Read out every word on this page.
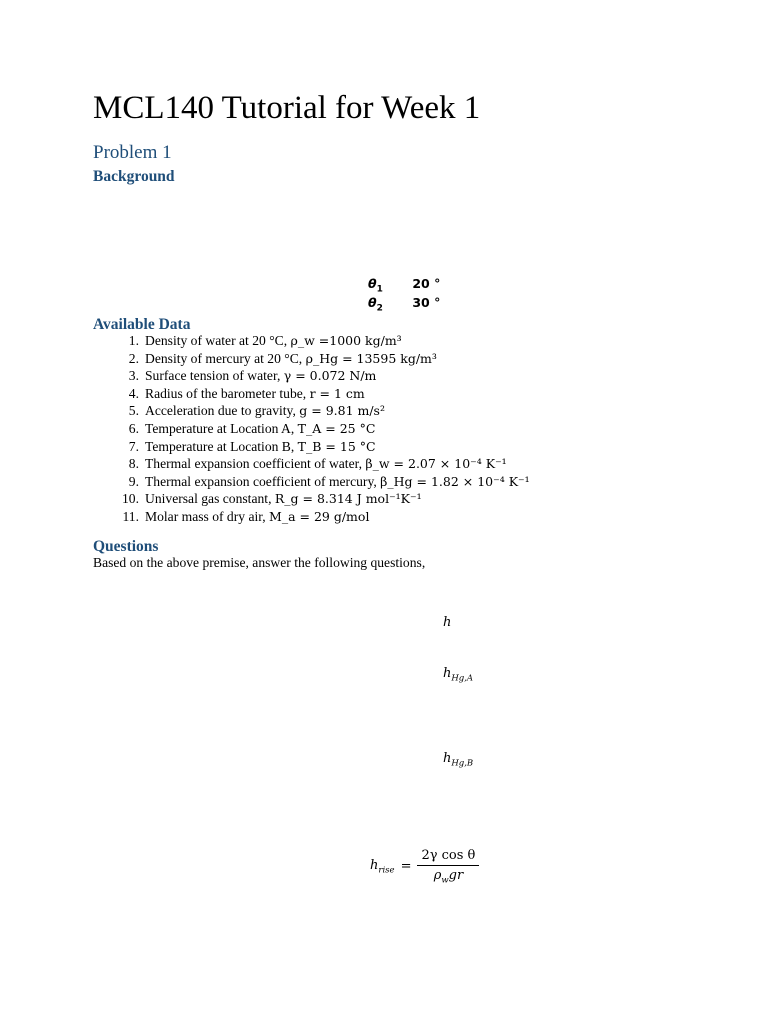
MCL140 Tutorial for Week 1
Problem 1
Background
$\theta_1$ 20 °
$\theta_2$ 30 °
Available Data
1. Density of water at 20 °C, ρ_w =1000 kg/m³
2. Density of mercury at 20 °C, ρ_Hg = 13595 kg/m³
3. Surface tension of water, γ = 0.072 N/m
4. Radius of the barometer tube, r = 1 cm
5. Acceleration due to gravity, g = 9.81 m/s²
6. Temperature at Location A, T_A = 25 °C
7. Temperature at Location B, T_B = 15 °C
8. Thermal expansion coefficient of water, β_w = 2.07 × 10⁻⁴ K⁻¹
9. Thermal expansion coefficient of mercury, β_Hg = 1.82 × 10⁻⁴ K⁻¹
10. Universal gas constant, R_g = 8.314 J mol⁻¹K⁻¹
11. Molar mass of dry air, M_a = 29 g/mol
Questions
Based on the above premise, answer the following questions,
h
$h_{Hg,A}$
$h_{Hg,B}$
$h_{rise} = \frac{\text{2γ cos θ}}{\rho_wgr}$
